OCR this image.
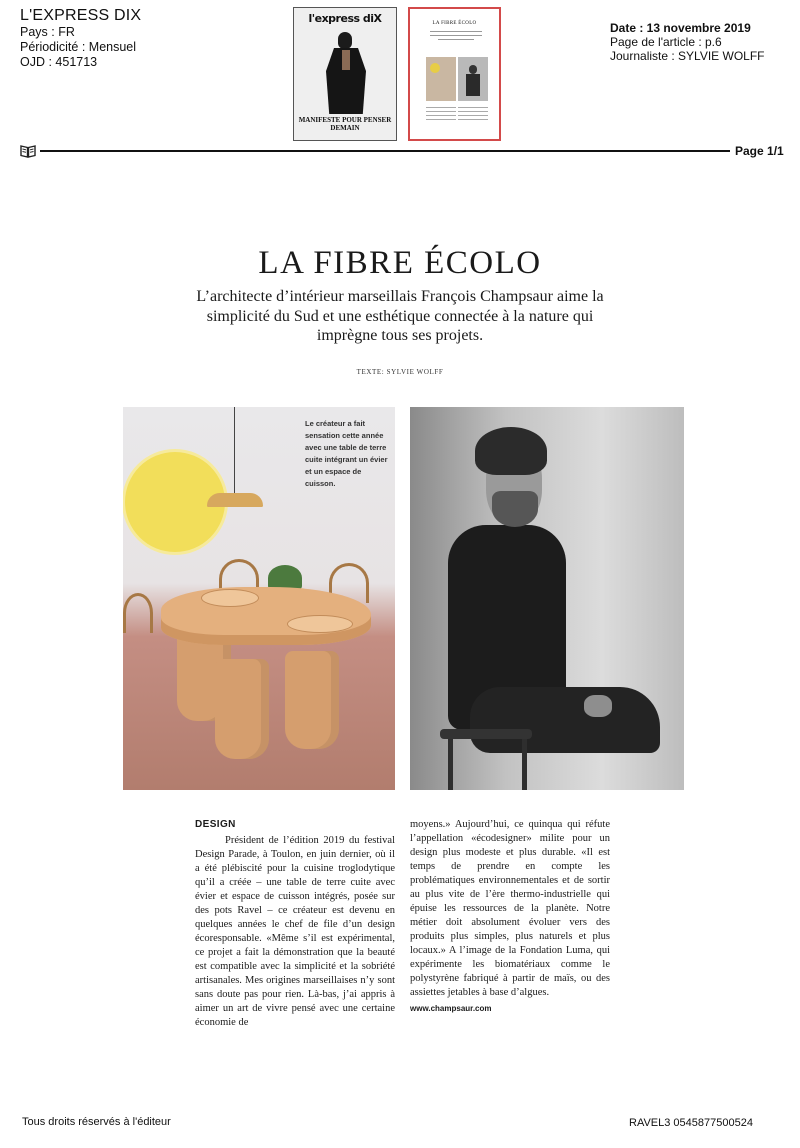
L'EXPRESS DIX
Pays : FR
Périodicité : Mensuel
OJD : 451713
l'express diX
MANIFESTE POUR PENSER DEMAIN
LA FIBRE ÉCOLO	Date : 13 novembre 2019
Page de l'article : p.6
Journaliste : SYLVIE WOLFF
Page 1/1
LA FIBRE ÉCOLO
L’architecte d’intérieur marseillais François Champsaur aime la simplicité du Sud et une esthétique connectée à la nature qui imprègne tous ses projets.
TEXTE: SYLVIE WOLFF
Le créateur a fait sensation cette année avec une table de terre cuite intégrant un évier et un espace de cuisson.
DESIGN

Président de l’édition 2019 du festival Design Parade, à Toulon, en juin dernier, où il a été plébiscité pour la cuisine troglodytique qu’il a créée – une table de terre cuite avec évier et espace de cuisson intégrés, posée sur des pots Ravel – ce créateur est devenu en quelques années le chef de file d’un design écoresponsable. «Même s’il est expérimental, ce projet a fait la démonstration que la beauté est compatible avec la simplicité et la sobriété artisanales. Mes origines marseillaises n’y sont sans doute pas pour rien. Là-bas, j’ai appris à aimer un art de vivre pensé avec une certaine économie de

moyens.» Aujourd’hui, ce quinqua qui réfute l’appellation «écodesigner» milite pour un design plus modeste et plus durable. «Il est temps de prendre en compte les problématiques environnementales et de sortir au plus vite de l’ère thermo-industrielle qui épuise les ressources de la planète. Notre métier doit absolument évoluer vers des produits plus simples, plus naturels et plus locaux.» A l’image de la Fondation Luma, qui expérimente les biomatériaux comme le polystyrène fabriqué à partir de maïs, ou des assiettes jetables à base d’algues.

www.champsaur.com
Tous droits réservés à l'éditeur	RAVEL3 0545877500524
